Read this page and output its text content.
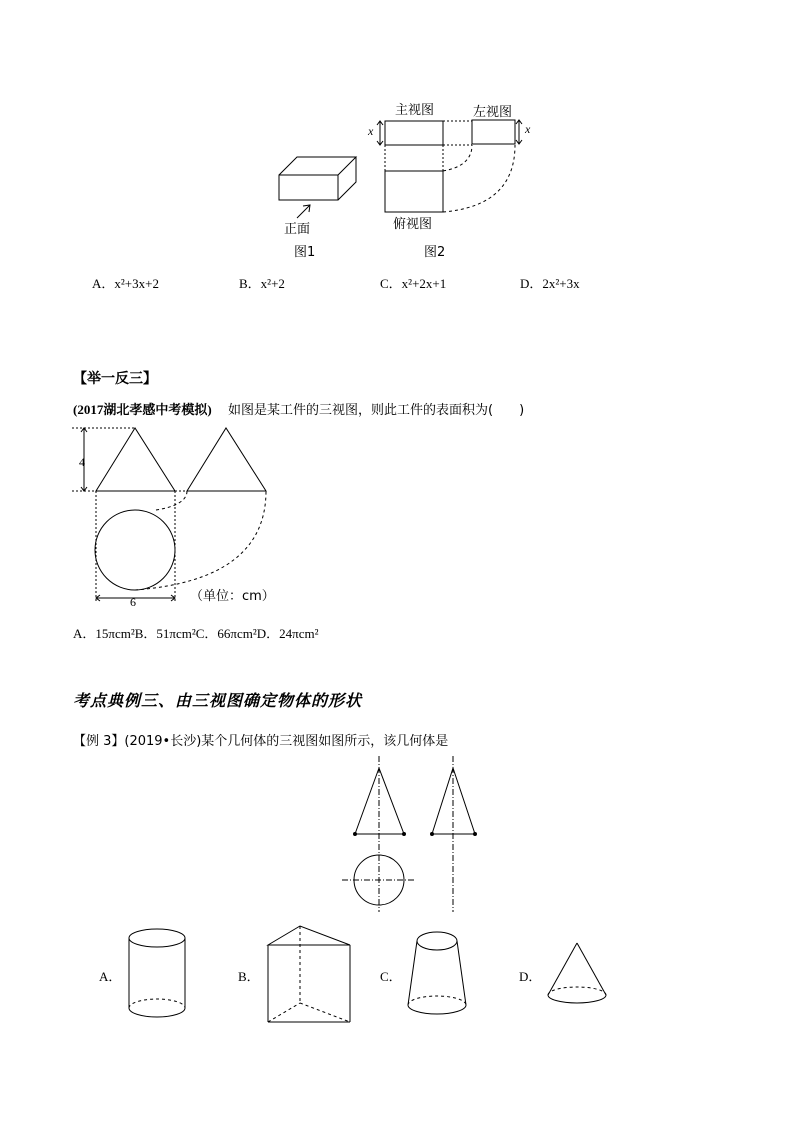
主视图	左视图
俯视图
正面
x	x
图1	图2
A．x²+3x+2	B．x²+2	C．x²+2x+1	D．2x²+3x
【举一反三】
(2017湖北孝感中考模拟) 如图是某工件的三视图，则此工件的表面积为(　　)
4
6	（单位：cm）
A．15πcm²B．51πcm²C．66πcm²D．24πcm²
考点典例三、由三视图确定物体的形状
【例 3】(2019•长沙)某个几何体的三视图如图所示，该几何体是
A．	B．	C．	D．
